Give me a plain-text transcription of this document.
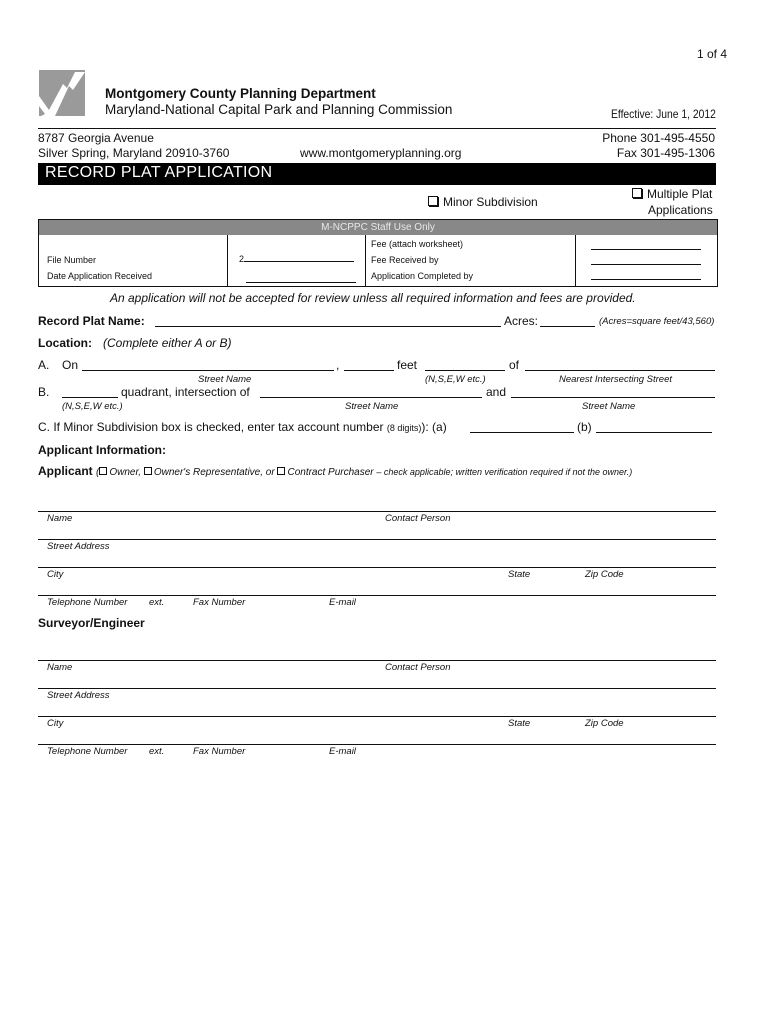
1 of 4
Montgomery County Planning Department
Maryland-National Capital Park and Planning Commission	Effective: June 1, 2012
8787 Georgia Avenue
Silver Spring, Maryland 20910-3760	www.montgomeryplanning.org
Phone 301-495-4550
Fax 301-495-1306
RECORD PLAT APPLICATION
Minor Subdivision
Multiple Plat
Applications
M-NCPPC Staff Use Only
File Number
Date Application Received
2
Fee (attach worksheet)
Fee Received by
Application Completed by
An application will not be accepted for review unless all required information and fees are provided.
Record Plat Name:	Acres:	(Acres=square feet/43,560)
Location: (Complete either A or B)
A. On	,	feet	of
Street Name	(N,S,E,W etc.)	Nearest Intersecting Street
B.	quadrant, intersection of	and
(N,S,E,W etc.)	Street Name	Street Name
C. If Minor Subdivision box is checked, enter tax account number (8 digits)): (a)	(b)
Applicant Information:
Applicant ( Owner, Owner's Representative, or Contract Purchaser – check applicable; written verification required if not the owner.)
Name	Contact Person
Street Address
City	State	Zip Code
Telephone Number ext.	Fax Number	E-mail
Surveyor/Engineer
Name	Contact Person
Street Address
City	State	Zip Code
Telephone Number ext.	Fax Number	E-mail
